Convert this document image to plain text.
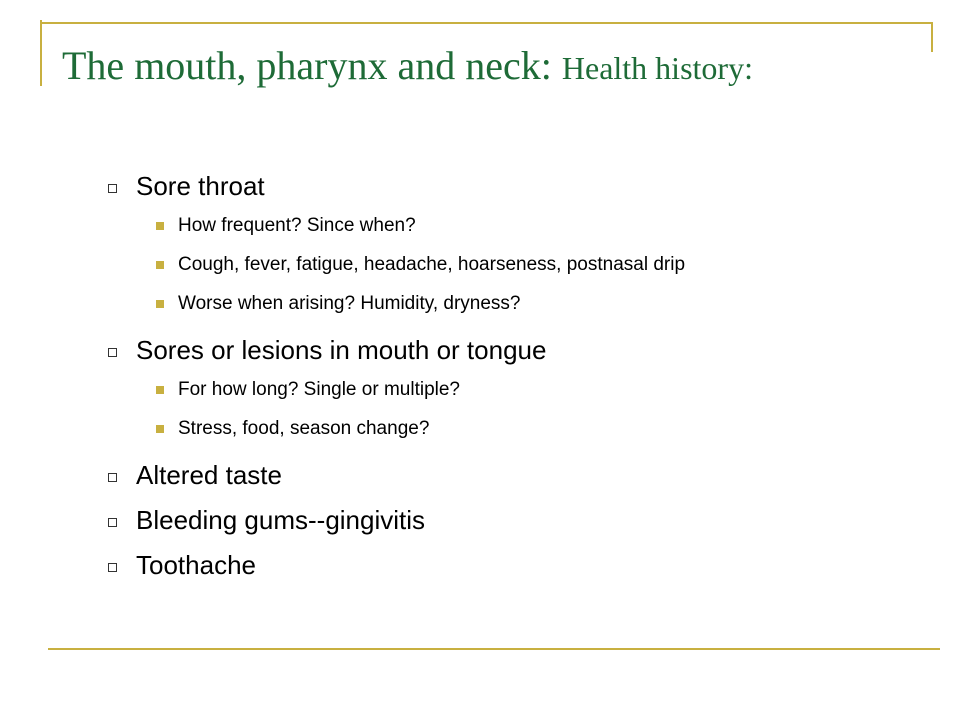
The mouth, pharynx and neck: Health history:
Sore throat
How frequent? Since when?
Cough, fever, fatigue, headache, hoarseness, postnasal drip
Worse when arising? Humidity, dryness?
Sores or lesions in mouth or tongue
For how long? Single or multiple?
Stress, food, season change?
Altered taste
Bleeding gums--gingivitis
Toothache
